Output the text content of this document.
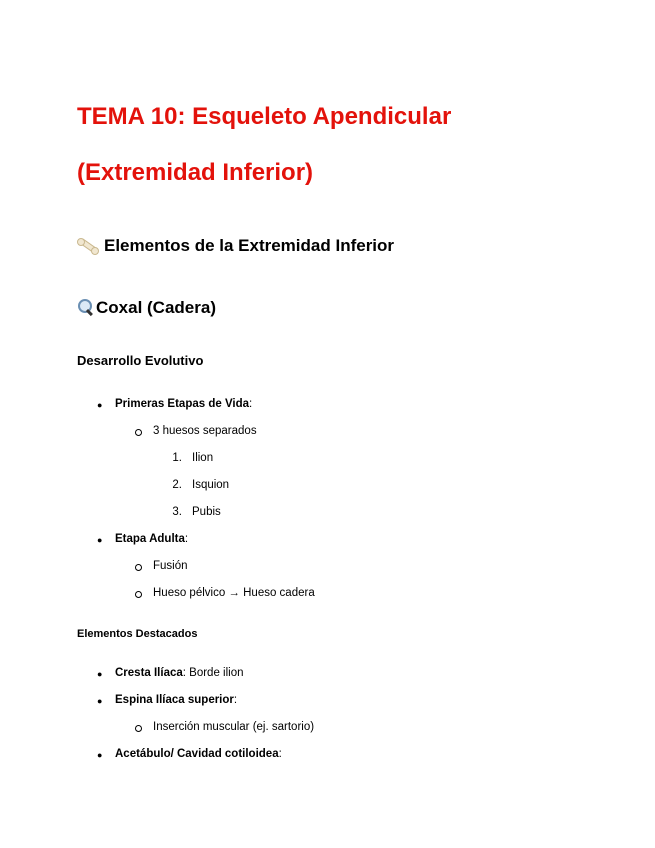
TEMA 10: Esqueleto Apendicular
(Extremidad Inferior)
Elementos de la Extremidad Inferior
Coxal (Cadera)
Desarrollo Evolutivo
● Primeras Etapas de Vida:
3 huesos separados
1. Ilion
2. Isquion
3. Pubis
● Etapa Adulta:
Fusión
Hueso pélvico → Hueso cadera
Elementos Destacados
● Cresta Ilíaca: Borde ilion
● Espina Ilíaca superior:
Inserción muscular (ej. sartorio)
● Acetábulo/ Cavidad cotiloidea:
